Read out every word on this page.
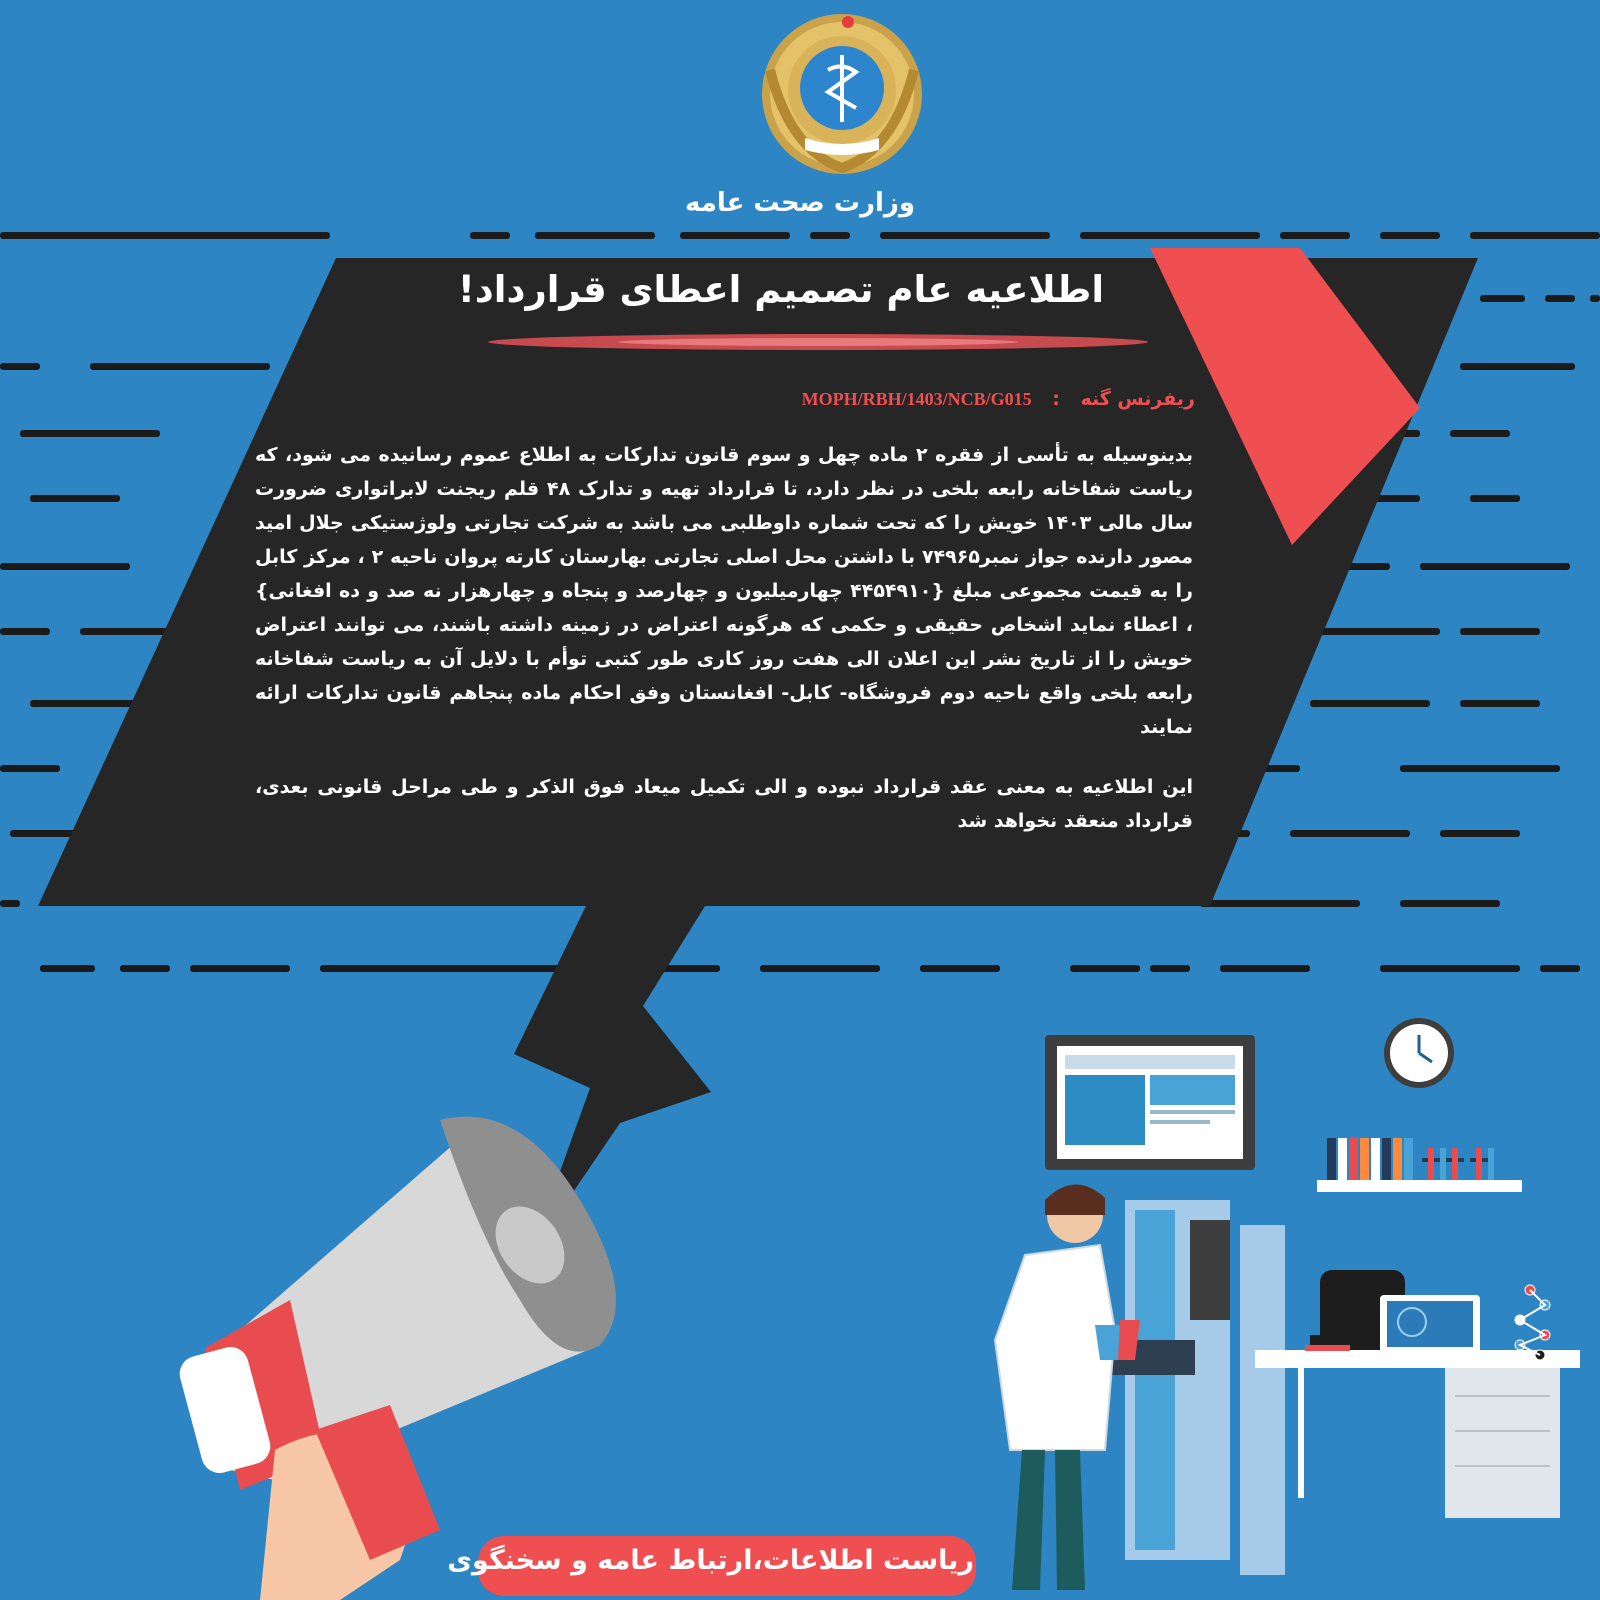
وزارت صحت عامه
اطلاعیه عام تصمیم اعطای قرارداد!
ریفرنس گنه : MOPH/RBH/1403/NCB/G015

بدینوسیله به تأسی از فقره ۲ ماده چهل و سوم قانون تدارکات به اطلاع عموم رسانیده می شود، که ریاست شفاخانه رابعه بلخی در نظر دارد، تا قرارداد تهیه و تدارک ۴۸ قلم ریجنت لابراتواری ضرورت سال مالی ۱۴۰۳ خویش را که تحت شماره داوطلبی می باشد به شرکت تجارتی ولوژستیکی جلال امید مصور دارنده جواز نمبر۷۴۹۶۵ با داشتن محل اصلی تجارتی بهارستان کارته پروان ناحیه ۲ ، مرکز کابل را به قیمت مجموعی مبلغ {۴۴۵۴۹۱۰ چهارمیلیون و چهارصد و پنجاه و چهارهزار نه صد و ده افغانی} ، اعطاء نماید اشخاص حقیقی و حکمی که هرگونه اعتراض در زمینه داشته باشند، می توانند اعتراض خویش را از تاریخ نشر این اعلان الی هفت روز کاری طور کتبی توأم با دلایل آن به ریاست شفاخانه رابعه بلخی واقع ناحیه دوم فروشگاه- کابل- افغانستان وفق احکام ماده پنجاهم قانون تدارکات ارائه نمایند

این اطلاعیه به معنی عقد قرارداد نبوده و الی تکمیل میعاد فوق الذکر و طی مراحل قانونی بعدی، قرارداد منعقد نخواهد شد

ریاست اطلاعات،ارتباط عامه و سخنگوی
